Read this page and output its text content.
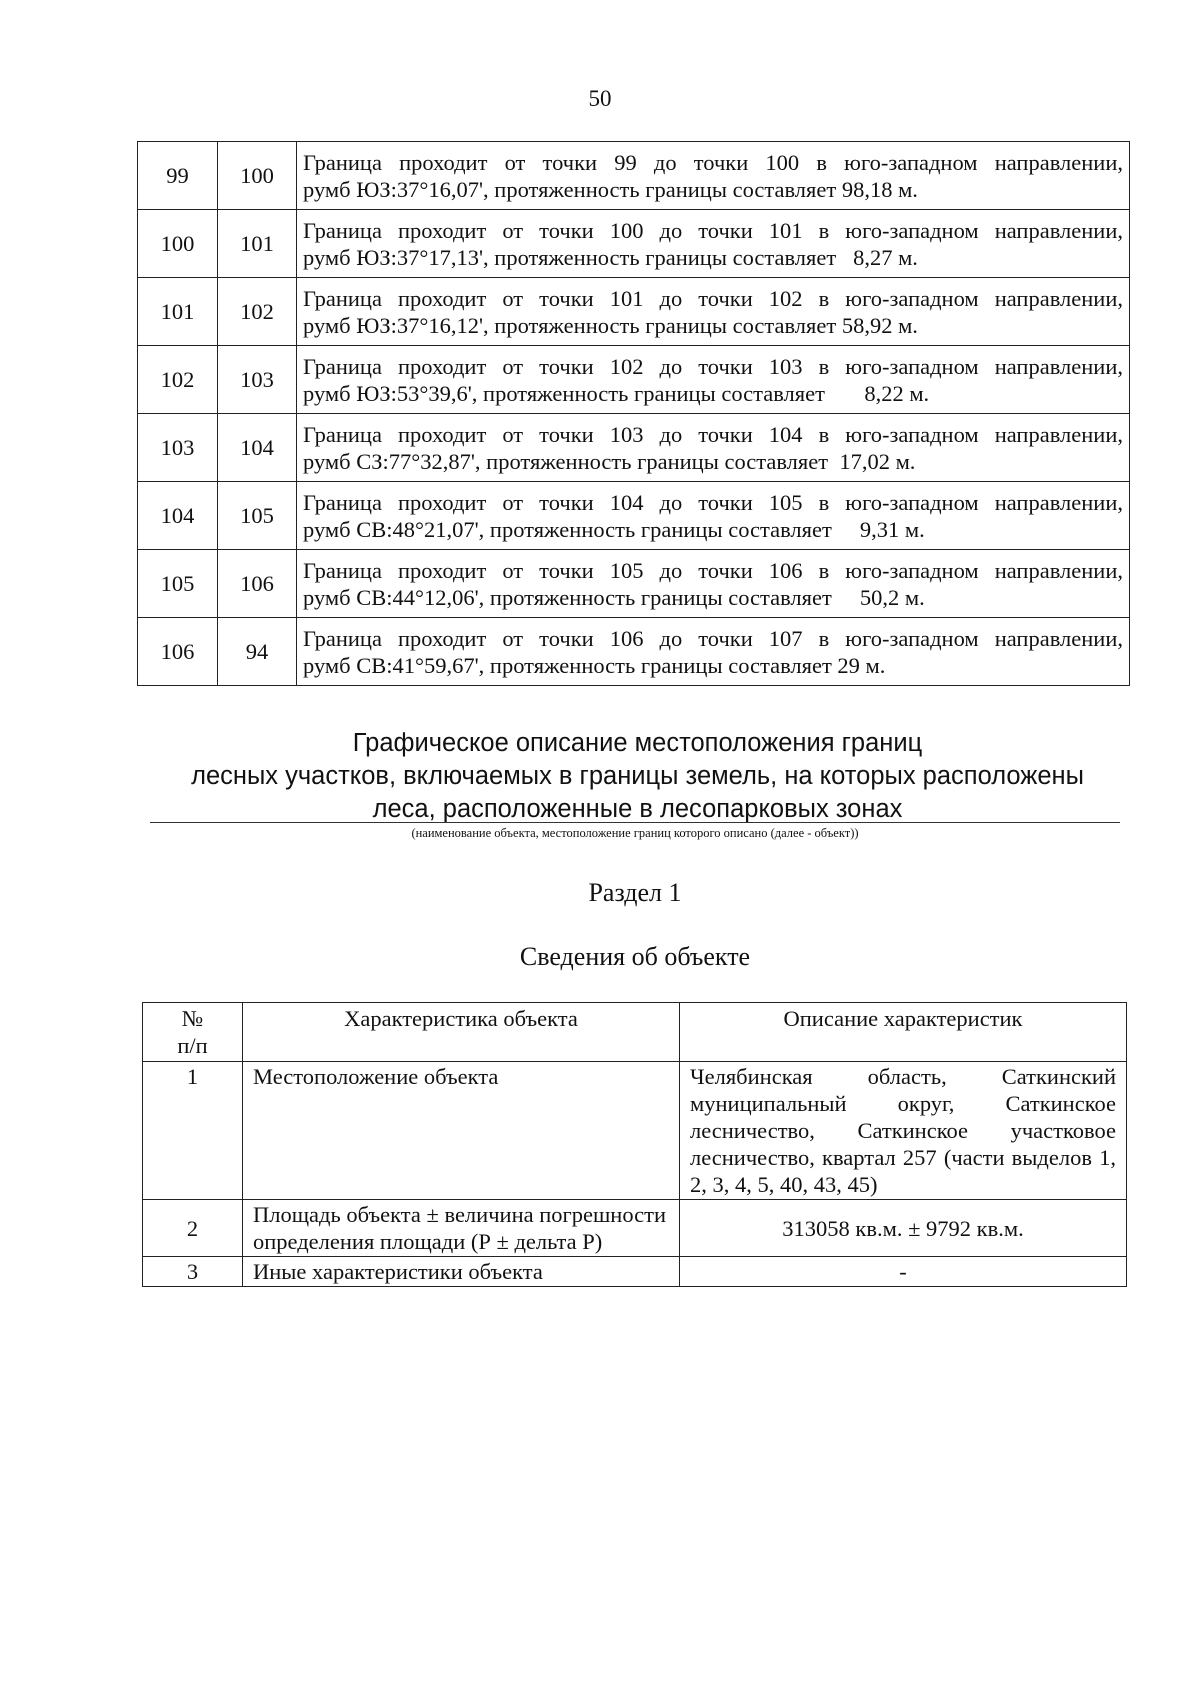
50
99	100	Граница проходит от точки 99 до точки 100 в юго-западном направлении,
румб ЮЗ:37°16,07', протяженность границы составляет 98,18 м.

100	101	Граница проходит от точки 100 до точки 101 в юго-западном направлении,
румб ЮЗ:37°17,13', протяженность границы составляет   8,27 м.

101	102	Граница проходит от точки 101 до точки 102 в юго-западном направлении,
румб ЮЗ:37°16,12', протяженность границы составляет 58,92 м.

102	103	Граница проходит от точки 102 до точки 103 в юго-западном направлении,
румб ЮЗ:53°39,6', протяженность границы составляет       8,22 м.

103	104	Граница проходит от точки 103 до точки 104 в юго-западном направлении,
румб СЗ:77°32,87', протяженность границы составляет  17,02 м.

104	105	Граница проходит от точки 104 до точки 105 в юго-западном направлении,
румб СВ:48°21,07', протяженность границы составляет     9,31 м.

105	106	Граница проходит от точки 105 до точки 106 в юго-западном направлении,
румб СВ:44°12,06', протяженность границы составляет     50,2 м.

106	94	Граница проходит от точки 106 до точки 107 в юго-западном направлении,
румб СВ:41°59,67', протяженность границы составляет 29 м.
Графическое описание местоположения границ
лесных участков, включаемых в границы земель, на которых расположены
леса, расположенные в лесопарковых зонах
(наименование объекта, местоположение границ которого описано (далее - объект))
Раздел 1
Сведения об объекте
№
п/п	Характеристика объекта	Описание характеристик
1	Местоположение объекта	Челябинская область, Саткинский муниципальный округ, Саткинское лесничество, Саткинское участковое лесничество, квартал 257 (части выделов 1, 2, 3, 4, 5, 40, 43, 45)
2	Площадь объекта ± величина погрешности определения площади (Р ± дельта Р)	313058 кв.м. ± 9792 кв.м.
3	Иные характеристики объекта	-
